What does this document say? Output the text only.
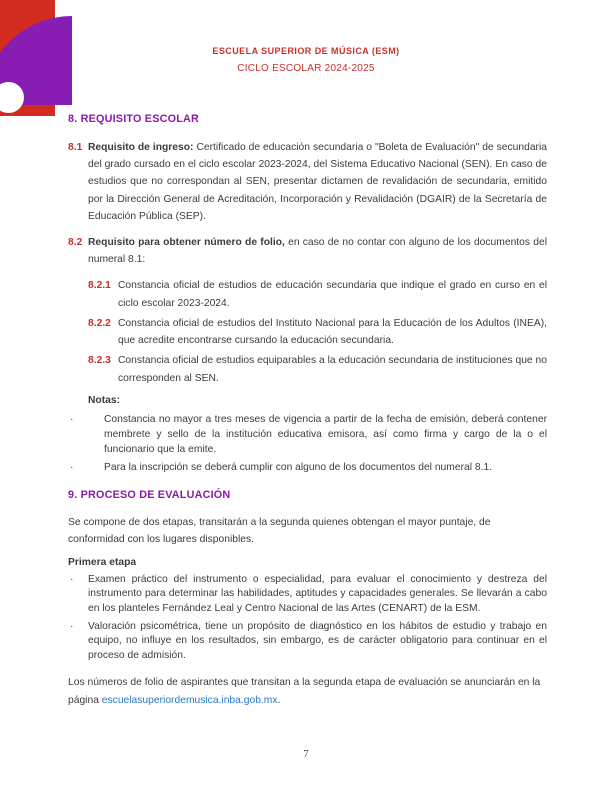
ESCUELA SUPERIOR DE MÚSICA (ESM)
CICLO ESCOLAR 2024-2025
8. REQUISITO ESCOLAR
8.1 Requisito de ingreso: Certificado de educación secundaria o "Boleta de Evaluación" de secundaria del grado cursado en el ciclo escolar 2023-2024, del Sistema Educativo Nacional (SEN). En caso de estudios que no correspondan al SEN, presentar dictamen de revalidación de secundaria, emitido por la Dirección General de Acreditación, Incorporación y Revalidación (DGAIR) de la Secretaría de Educación Pública (SEP).
8.2 Requisito para obtener número de folio, en caso de no contar con alguno de los documentos del numeral 8.1:
8.2.1 Constancia oficial de estudios de educación secundaria que indique el grado en curso en el ciclo escolar 2023-2024.
8.2.2 Constancia oficial de estudios del Instituto Nacional para la Educación de los Adultos (INEA), que acredite encontrarse cursando la educación secundaria.
8.2.3 Constancia oficial de estudios equiparables a la educación secundaria de instituciones que no corresponden al SEN.
Notas:
·	Constancia no mayor a tres meses de vigencia a partir de la fecha de emisión, deberá contener membrete y sello de la institución educativa emisora, así como firma y cargo de la o el funcionario que la emite.
·	Para la inscripción se deberá cumplir con alguno de los documentos del numeral 8.1.
9. PROCESO DE EVALUACIÓN
Se compone de dos etapas, transitarán a la segunda quienes obtengan el mayor puntaje, de conformidad con los lugares disponibles.
Primera etapa
·	Examen práctico del instrumento o especialidad, para evaluar el conocimiento y destreza del instrumento para determinar las habilidades, aptitudes y capacidades generales. Se llevarán a cabo en los planteles Fernández Leal y Centro Nacional de las Artes (CENART) de la ESM.
·	Valoración psicométrica, tiene un propósito de diagnóstico en los hábitos de estudio y trabajo en equipo, no influye en los resultados, sin embargo, es de carácter obligatorio para continuar en el proceso de admisión.
Los números de folio de aspirantes que transitan a la segunda etapa de evaluación se anunciarán en la página escuelasuperiordemusica.inba.gob.mx.
7
